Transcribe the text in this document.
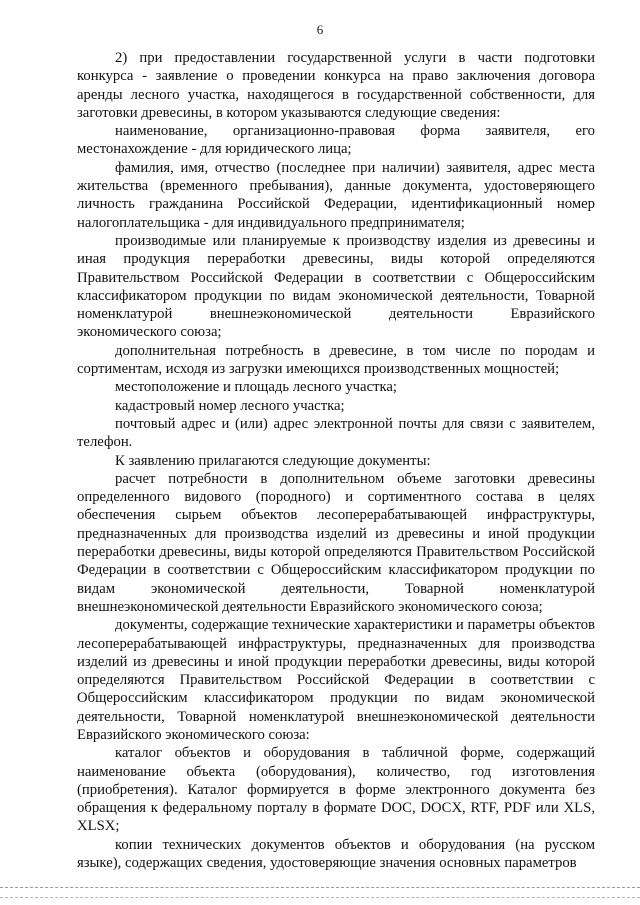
6

2) при предоставлении государственной услуги в части подготовки конкурса - заявление о проведении конкурса на право заключения договора аренды лесного участка, находящегося в государственной собственности, для заготовки древесины, в котором указываются следующие сведения:

наименование, организационно-правовая форма заявителя, его местонахождение - для юридического лица;

фамилия, имя, отчество (последнее при наличии) заявителя, адрес места жительства (временного пребывания), данные документа, удостоверяющего личность гражданина Российской Федерации, идентификационный номер налогоплательщика - для индивидуального предпринимателя;

производимые или планируемые к производству изделия из древесины и иная продукция переработки древесины, виды которой определяются Правительством Российской Федерации в соответствии с Общероссийским классификатором продукции по видам экономической деятельности, Товарной номенклатурой внешнеэкономической деятельности Евразийского экономического союза;

дополнительная потребность в древесине, в том числе по породам и сортиментам, исходя из загрузки имеющихся производственных мощностей;

местоположение и площадь лесного участка;

кадастровый номер лесного участка;

почтовый адрес и (или) адрес электронной почты для связи с заявителем, телефон.

К заявлению прилагаются следующие документы:

расчет потребности в дополнительном объеме заготовки древесины определенного видового (породного) и сортиментного состава в целях обеспечения сырьем объектов лесоперерабатывающей инфраструктуры, предназначенных для производства изделий из древесины и иной продукции переработки древесины, виды которой определяются Правительством Российской Федерации в соответствии с Общероссийским классификатором продукции по видам экономической деятельности, Товарной номенклатурой внешнеэкономической деятельности Евразийского экономического союза;

документы, содержащие технические характеристики и параметры объектов лесоперерабатывающей инфраструктуры, предназначенных для производства изделий из древесины и иной продукции переработки древесины, виды которой определяются Правительством Российской Федерации в соответствии с Общероссийским классификатором продукции по видам экономической деятельности, Товарной номенклатурой внешнеэкономической деятельности Евразийского экономического союза:

каталог объектов и оборудования в табличной форме, содержащий наименование объекта (оборудования), количество, год изготовления (приобретения). Каталог формируется в форме электронного документа без обращения к федеральному порталу в формате DOC, DOCX, RTF, PDF или XLS, XLSX;

копии технических документов объектов и оборудования (на русском языке), содержащих сведения, удостоверяющие значения основных параметров
